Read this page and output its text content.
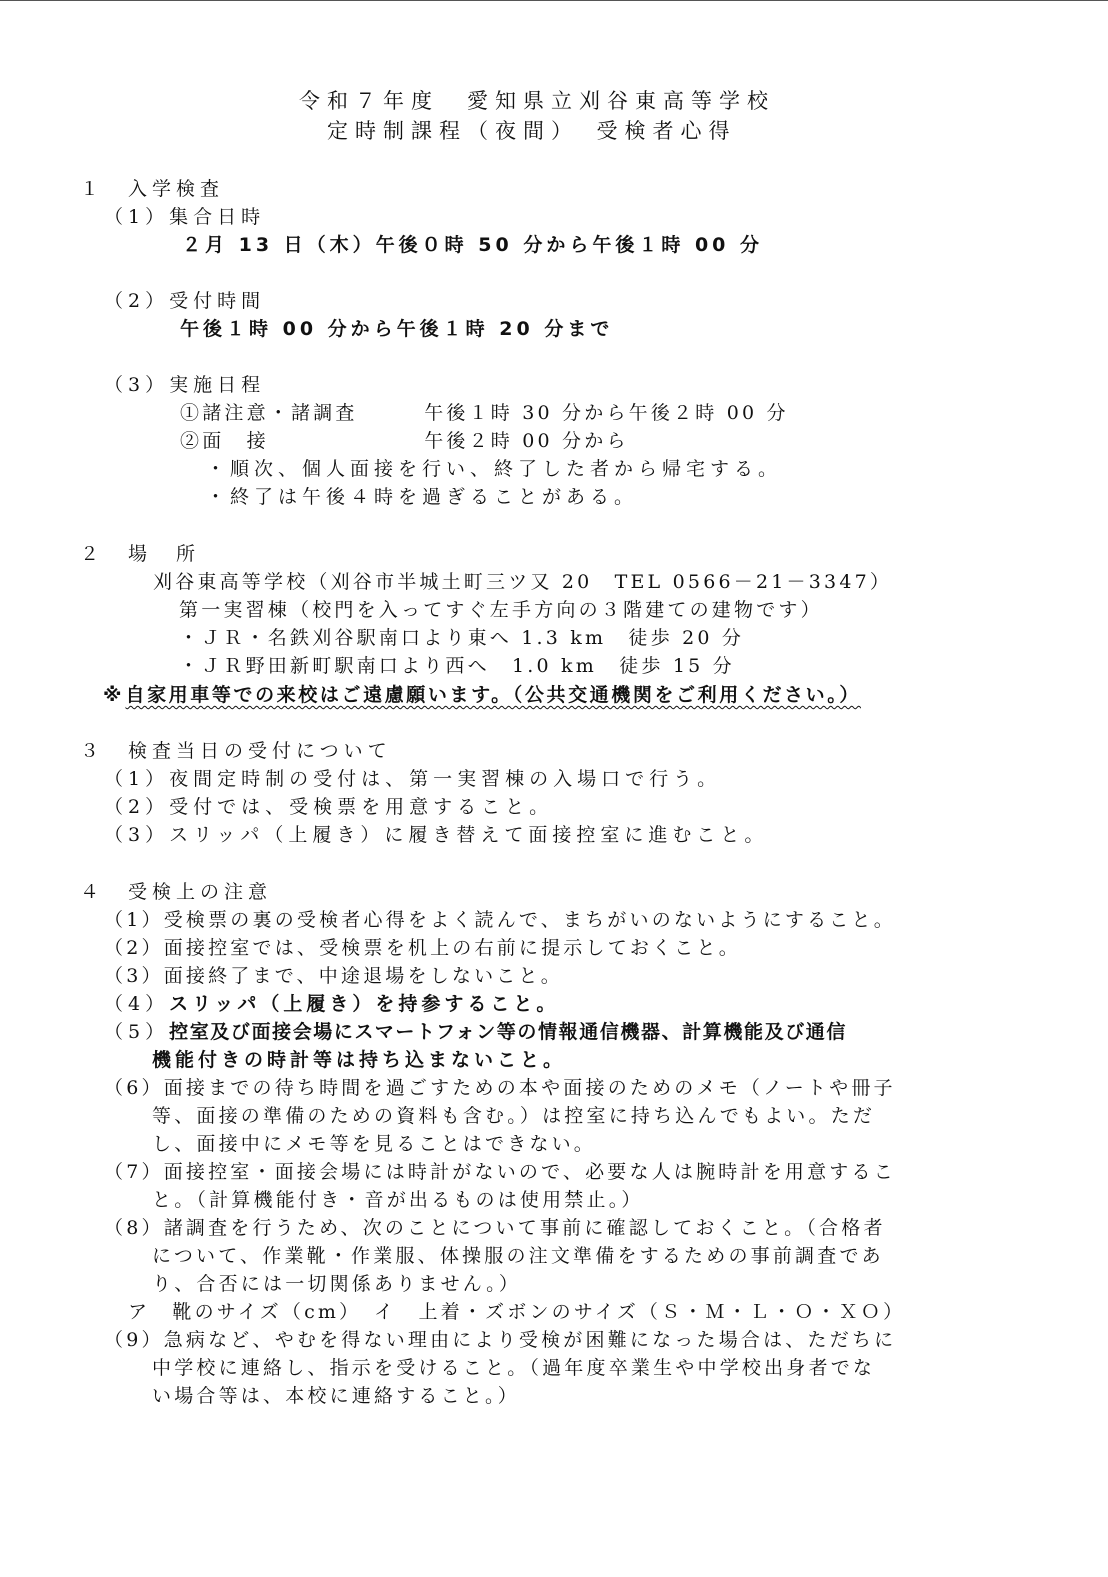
令和７年度　愛知県立刈谷東高等学校
定時制課程（夜間）　受検者心得
１　入学検査
（1）集合日時
２月 13 日（木）午後０時 50 分から午後１時 00 分
（2）受付時間
午後１時 00 分から午後１時 20 分まで
（3）実施日程
①諸注意・諸調査　　　午後１時 30 分から午後２時 00 分
②面　接　　　　　　　午後２時 00 分から
・順次、個人面接を行い、終了した者から帰宅する。
・終了は午後４時を過ぎることがある。
２　場　所
刈谷東高等学校（刈谷市半城土町三ツ又 20　TEL 0566－21－3347）
第一実習棟（校門を入ってすぐ左手方向の３階建ての建物です）
・ＪＲ・名鉄刈谷駅南口より東へ 1.3 km　徒歩 20 分
・ＪＲ野田新町駅南口より西へ　1.0 km　徒歩 15 分
※自家用車等での来校はご遠慮願います。（公共交通機関をご利用ください。）
３　検査当日の受付について
（1）夜間定時制の受付は、第一実習棟の入場口で行う。
（2）受付では、受検票を用意すること。
（3）スリッパ（上履き）に履き替えて面接控室に進むこと。
４　受検上の注意
（1）受検票の裏の受検者心得をよく読んで、まちがいのないようにすること。
（2）面接控室では、受検票を机上の右前に提示しておくこと。
（3）面接終了まで、中途退場をしないこと。
（4）スリッパ（上履き）を持参すること。
（5）控室及び面接会場にスマートフォン等の情報通信機器、計算機能及び通信
機能付きの時計等は持ち込まないこと。
（6）面接までの待ち時間を過ごすための本や面接のためのメモ（ノートや冊子
等、面接の準備のための資料も含む。）は控室に持ち込んでもよい。ただ
し、面接中にメモ等を見ることはできない。
（7）面接控室・面接会場には時計がないので、必要な人は腕時計を用意するこ
と。（計算機能付き・音が出るものは使用禁止。）
（8）諸調査を行うため、次のことについて事前に確認しておくこと。（合格者
について、作業靴・作業服、体操服の注文準備をするための事前調査であ
り、合否には一切関係ありません。）
ア　靴のサイズ（cm）　イ　上着・ズボンのサイズ（Ｓ・Ｍ・Ｌ・Ｏ・ＸＯ）
（9）急病など、やむを得ない理由により受検が困難になった場合は、ただちに
中学校に連絡し、指示を受けること。（過年度卒業生や中学校出身者でな
い場合等は、本校に連絡すること。）
